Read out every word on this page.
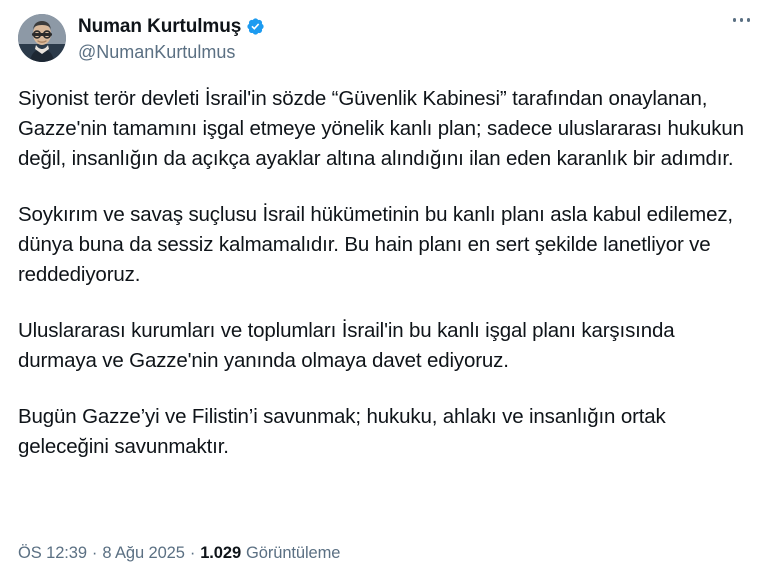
Numan Kurtulmuş
@NumanKurtulmus

Siyonist terör devleti İsrail'in sözde “Güvenlik Kabinesi” tarafından onaylanan, Gazze'nin tamamını işgal etmeye yönelik kanlı plan; sadece uluslararası hukukun değil, insanlığın da açıkça ayaklar altına alındığını ilan eden karanlık bir adımdır.

Soykırım ve savaş suçlusu İsrail hükümetinin bu kanlı planı asla kabul edilemez, dünya buna da sessiz kalmamalıdır. Bu hain planı en sert şekilde lanetliyor ve reddediyoruz.

Uluslararası kurumları ve toplumları İsrail'in bu kanlı işgal planı karşısında durmaya ve Gazze'nin yanında olmaya davet ediyoruz.

Bugün Gazze’yi ve Filistin’i savunmak; hukuku, ahlakı ve insanlığın ortak geleceğini savunmaktır.

ÖS 12:39 · 8 Ağu 2025 · 1.029 Görüntüleme
